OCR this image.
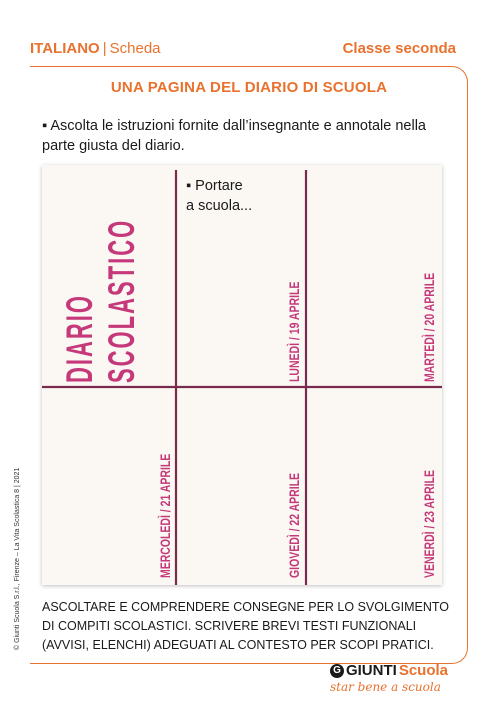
ITALIANO | Scheda	Classe seconda
UNA PAGINA DEL DIARIO DI SCUOLA
▪ Ascolta le istruzioni fornite dall’insegnante e annotale nella parte giusta del diario.
DIARIO SCOLASTICO	LUNEDÌ / 19 APRILE	MARTEDÌ / 20 APRILE
MERCOLEDÌ / 21 APRILE	GIOVEDÌ / 22 APRILE	VENERDÌ / 23 APRILE
▪ Portare
a scuola...
ASCOLTARE E COMPRENDERE CONSEGNE PER LO SVOLGIMENTO DI COMPITI SCOLASTICI. SCRIVERE BREVI TESTI FUNZIONALI (AVVISI, ELENCHI) ADEGUATI AL CONTESTO PER SCOPI PRATICI.
© Giunti Scuola S.r.l., Firenze – La Vita Scolastica 8 | 2021
G GIUNTI Scuola
star bene a scuola
